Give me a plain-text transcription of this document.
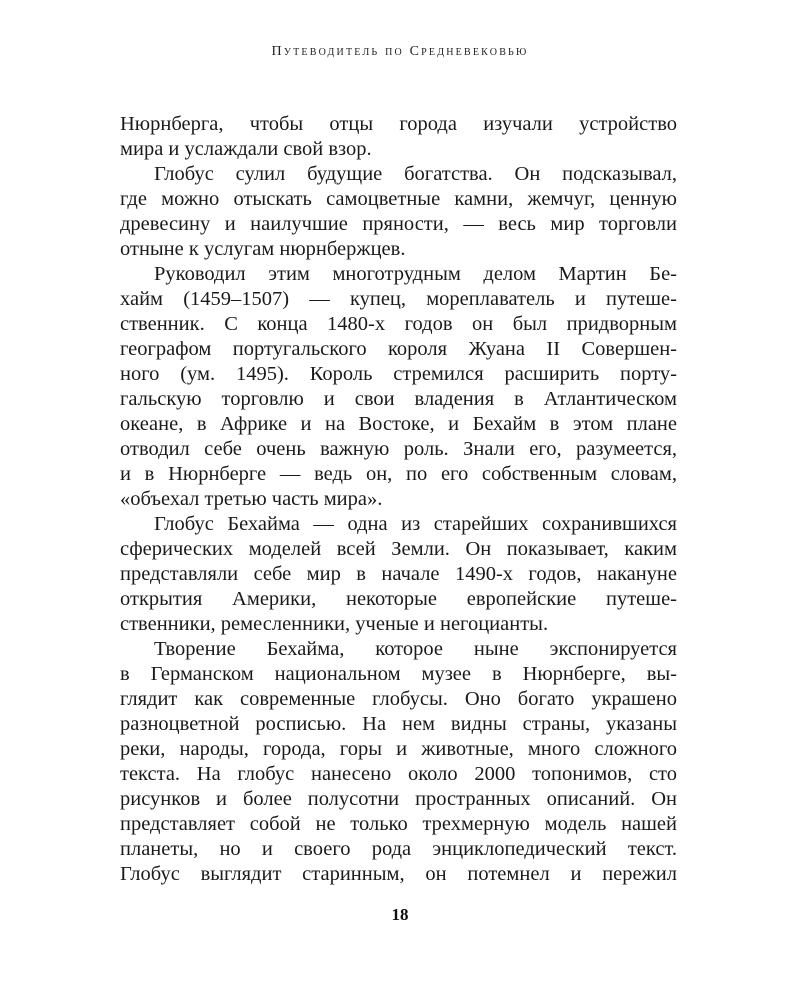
Путеводитель по Средневековью
Нюрнберга, чтобы отцы города изучали устройство
мира и услаждали свой взор.
Глобус сулил будущие богатства. Он подсказывал,
где можно отыскать самоцветные камни, жемчуг, ценную
древесину и наилучшие пряности, — весь мир торговли
отныне к услугам нюрнбержцев.
Руководил этим многотрудным делом Мартин Бе-
хайм (1459–1507) — купец, мореплаватель и путеше-
ственник. С конца 1480-х годов он был придворным
географом португальского короля Жуана II Совершен-
ного (ум. 1495). Король стремился расширить порту-
гальскую торговлю и свои владения в Атлантическом
океане, в Африке и на Востоке, и Бехайм в этом плане
отводил себе очень важную роль. Знали его, разумеется,
и в Нюрнберге — ведь он, по его собственным словам,
«объехал третью часть мира».
Глобус Бехайма — одна из старейших сохранившихся
сферических моделей всей Земли. Он показывает, каким
представляли себе мир в начале 1490-х годов, накануне
открытия Америки, некоторые европейские путеше-
ственники, ремесленники, ученые и негоцианты.
Творение Бехайма, которое ныне экспонируется
в Германском национальном музее в Нюрнберге, вы-
глядит как современные глобусы. Оно богато украшено
разноцветной росписью. На нем видны страны, указаны
реки, народы, города, горы и животные, много сложного
текста. На глобус нанесено около 2000 топонимов, сто
рисунков и более полусотни пространных описаний. Он
представляет собой не только трехмерную модель нашей
планеты, но и своего рода энциклопедический текст.
Глобус выглядит старинным, он потемнел и пережил
18
